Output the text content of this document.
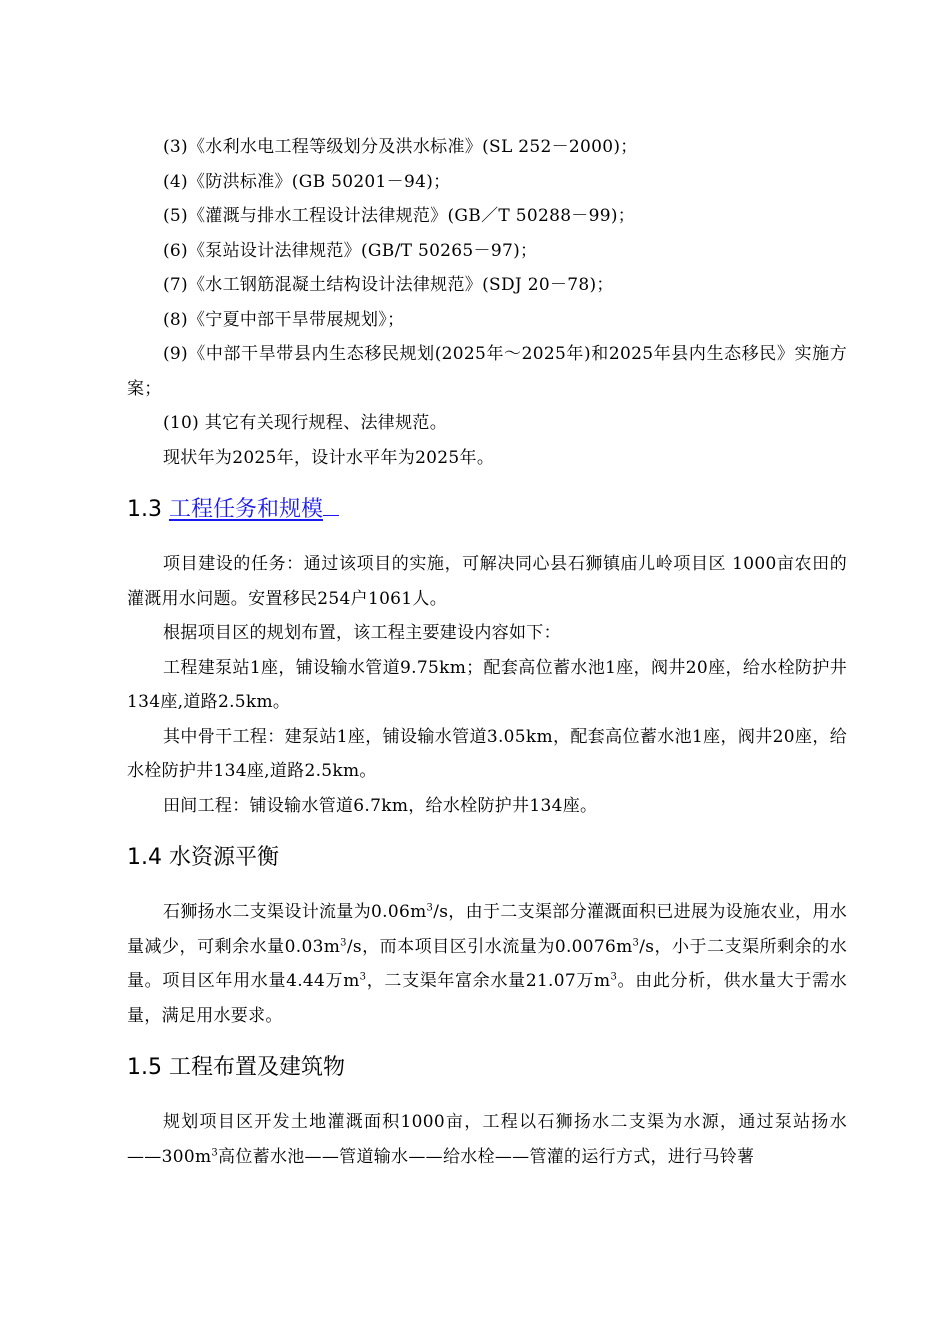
(3)《水利水电工程等级划分及洪水标准》(SL 252－2000)；

(4)《防洪标准》(GB 50201－94)；

(5)《灌溉与排水工程设计法律规范》(GB／T 50288－99)；

(6)《泵站设计法律规范》(GB/T 50265－97)；

(7)《水工钢筋混凝土结构设计法律规范》(SDJ 20－78)；

(8)《宁夏中部干旱带展规划》；

(9)《中部干旱带县内生态移民规划(2025年～2025年)和2025年县内生态移民》实施方案；

(10) 其它有关现行规程、法律规范。

现状年为2025年，设计水平年为2025年。

1.3 工程任务和规模

项目建设的任务：通过该项目的实施，可解决同心县石狮镇庙儿岭项目区 1000亩农田的灌溉用水问题。安置移民254户1061人。

根据项目区的规划布置，该工程主要建设内容如下：

工程建泵站1座，铺设输水管道9.75km；配套高位蓄水池1座，阀井20座，给水栓防护井134座,道路2.5km。

其中骨干工程：建泵站1座，铺设输水管道3.05km，配套高位蓄水池1座，阀井20座，给水栓防护井134座,道路2.5km。

田间工程：铺设输水管道6.7km，给水栓防护井134座。

1.4 水资源平衡

石狮扬水二支渠设计流量为$0.06m^3/s$，由于二支渠部分灌溉面积已进展为设施农业，用水量减少，可剩余水量$0.03m^3/s$，而本项目区引水流量为$0.0076m^3/s$，小于二支渠所剩余的水量。项目区年用水量4.44万$m^3$，二支渠年富余水量21.07万$m^3$。由此分析，供水量大于需水量，满足用水要求。

1.5 工程布置及建筑物

规划项目区开发土地灌溉面积1000亩，工程以石狮扬水二支渠为水源，通过泵站扬水$——300m^3$高位蓄水池——管道输水——给水栓——管灌的运行方式，进行马铃薯
